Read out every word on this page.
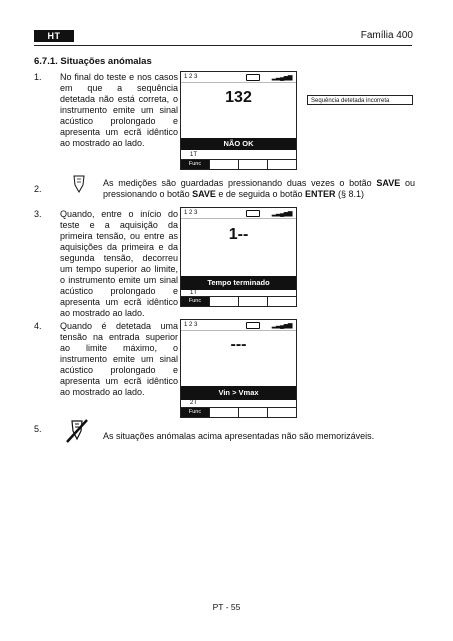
HT	Família 400
6.7.1. Situações anómalas
1. No final do teste e nos casos em que a sequência detetada não está correta, o instrumento emite um sinal acústico prolongado e apresenta um ecrã idêntico ao mostrado ao lado.
1 2 3	▂▃▄▅▆
132
NÃO OK
1T
Func
Sequência detetada incorreta
2.
As medições são guardadas pressionando duas vezes o botão SAVE ou pressionando o botão SAVE e de seguida o botão ENTER (§ 8.1)
3. Quando, entre o início do teste e a aquisição da primeira tensão, ou entre as aquisições da primeira e da segunda tensão, decorreu um tempo superior ao limite, o instrumento emite um sinal acústico prolongado e apresenta um ecrã idêntico ao mostrado ao lado.
1 2 3	▂▃▄▅▆
1--
Tempo terminado
1T
Func
4. Quando é detetada uma tensão na entrada superior ao limite máximo, o instrumento emite um sinal acústico prolongado e apresenta um ecrã idêntico ao mostrado ao lado.
1 2 3	▂▃▄▅▆
---
Vin > Vmax
2T
Func
5.
As situações anómalas acima apresentadas não são memorizáveis.
PT - 55
